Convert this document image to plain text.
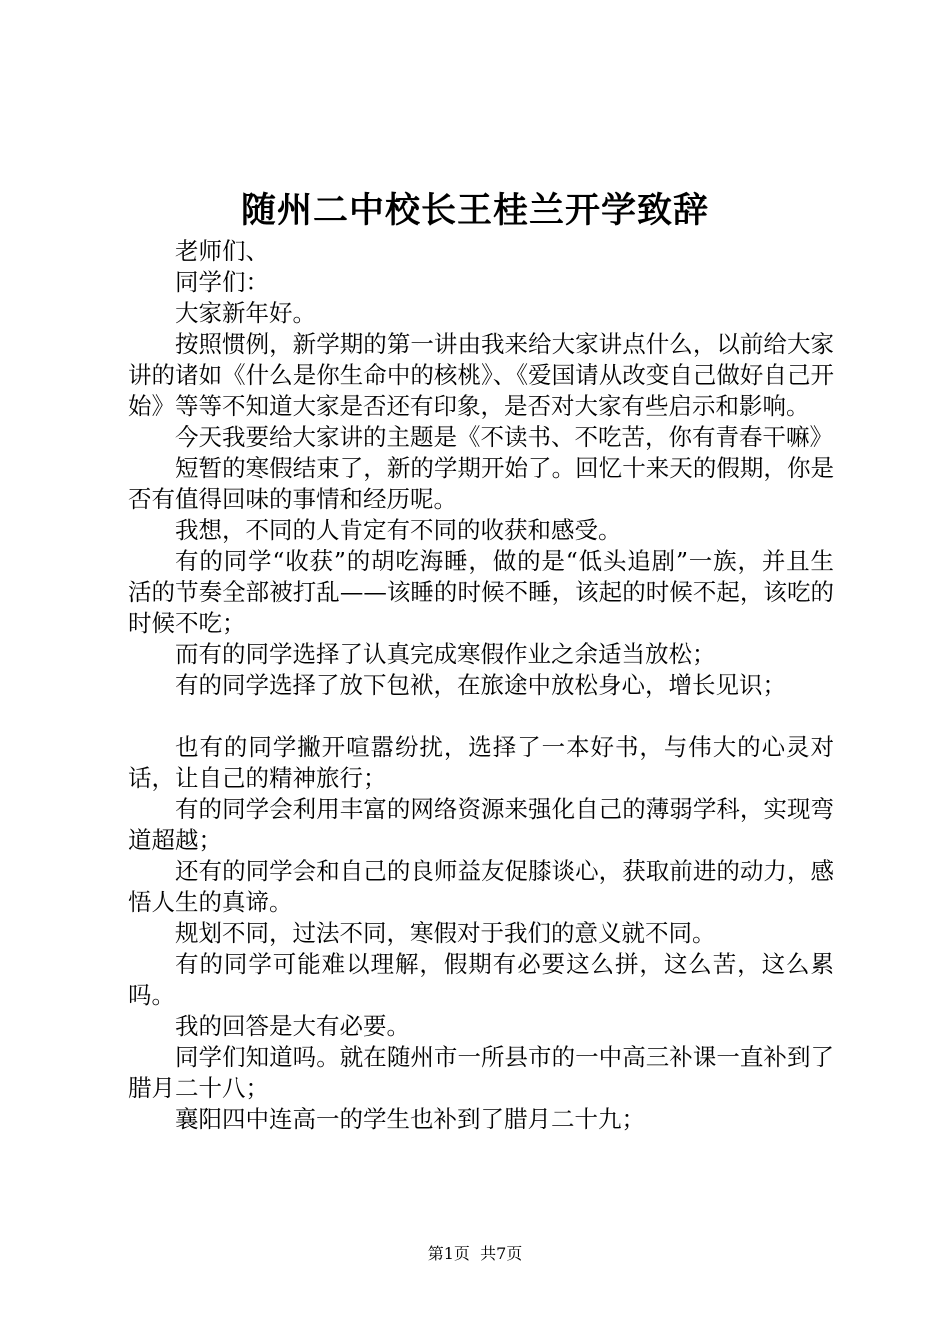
随州二中校长王桂兰开学致辞

老师们、

同学们：

大家新年好。

按照惯例，新学期的第一讲由我来给大家讲点什么，以前给大家讲的诸如《什么是你生命中的核桃》、《爱国请从改变自己做好自己开始》等等不知道大家是否还有印象，是否对大家有些启示和影响。

今天我要给大家讲的主题是《不读书、不吃苦，你有青春干嘛》

短暂的寒假结束了，新的学期开始了。回忆十来天的假期，你是否有值得回味的事情和经历呢。

我想，不同的人肯定有不同的收获和感受。

有的同学“收获”的胡吃海睡，做的是“低头追剧”一族，并且生活的节奏全部被打乱——该睡的时候不睡，该起的时候不起，该吃的时候不吃；

而有的同学选择了认真完成寒假作业之余适当放松；

有的同学选择了放下包袱，在旅途中放松身心，增长见识；

也有的同学撇开喧嚣纷扰，选择了一本好书，与伟大的心灵对话，让自己的精神旅行；

有的同学会利用丰富的网络资源来强化自己的薄弱学科，实现弯道超越；

还有的同学会和自己的良师益友促膝谈心，获取前进的动力，感悟人生的真谛。

规划不同，过法不同，寒假对于我们的意义就不同。

有的同学可能难以理解，假期有必要这么拼，这么苦，这么累吗。

我的回答是大有必要。

同学们知道吗。就在随州市一所县市的一中高三补课一直补到了腊月二十八；

襄阳四中连高一的学生也补到了腊月二十九；

第1页 共7页
